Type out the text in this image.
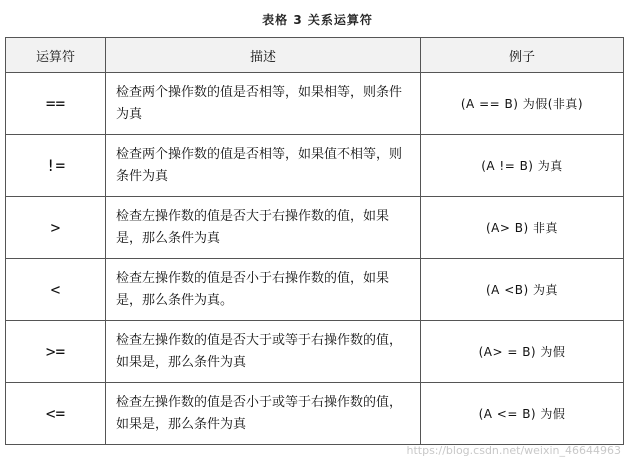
表格 3 关系运算符
运算符	描述	例子
==	检查两个操作数的值是否相等，如果相等，则条件为真	(A == B) 为假(非真)
!=	检查两个操作数的值是否相等，如果值不相等，则条件为真	(A != B) 为真
>	检查左操作数的值是否大于右操作数的值，如果是，那么条件为真	(A> B) 非真
<	检查左操作数的值是否小于右操作数的值，如果是，那么条件为真。	(A <B) 为真
>=	检查左操作数的值是否大于或等于右操作数的值，如果是，那么条件为真	(A> = B) 为假
<=	检查左操作数的值是否小于或等于右操作数的值，如果是，那么条件为真	(A <= B) 为假
https://blog.csdn.net/weixin_46644963
